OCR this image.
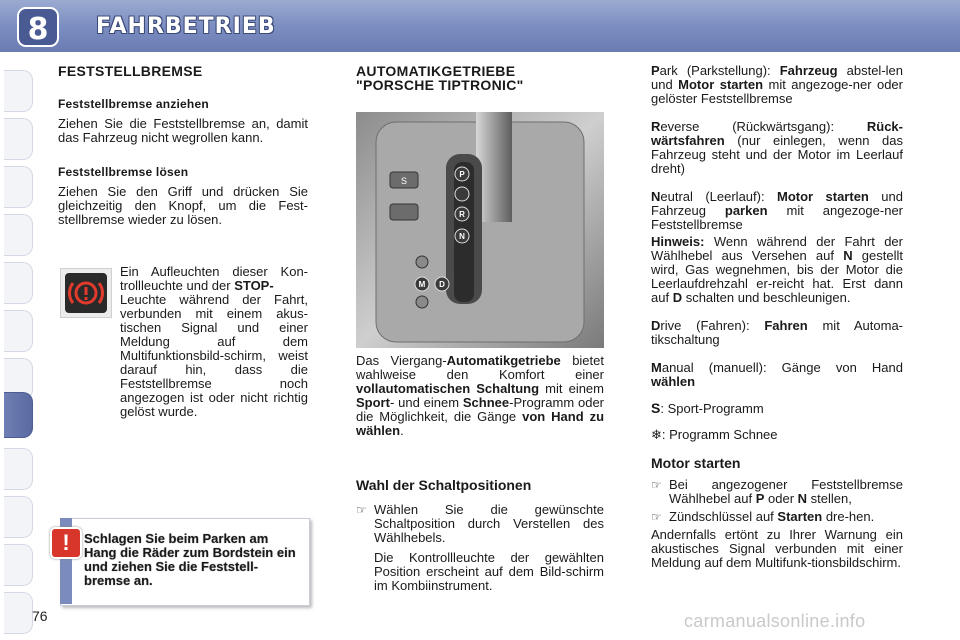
8 FAHRBETRIEB
FESTSTELLBREMSE
Feststellbremse anziehen

Ziehen Sie die Feststellbremse an, damit das Fahrzeug nicht wegrollen kann.

Feststellbremse lösen

Ziehen Sie den Griff und drücken Sie gleichzeitig den Knopf, um die Fest-stellbremse wieder zu lösen.

Ein Aufleuchten dieser Kon-trollleuchte und der STOP-

Leuchte während der Fahrt, verbunden mit einem akus-tischen Signal und einer Meldung auf dem Multifunktionsbild-schirm, weist darauf hin, dass die Feststellbremse noch angezogen ist oder nicht richtig gelöst wurde.

!	Schlagen Sie beim Parken am Hang die Räder zum Bordstein ein und ziehen Sie die Feststell-bremse an.
AUTOMATIKGETRIEBE
"PORSCHE TIPTRONIC"
S
P
R
N
M D

Das Viergang-Automatikgetriebe bietet wahlweise den Komfort einer vollautomatischen Schaltung mit einem Sport- und einem Schnee-Programm oder die Möglichkeit, die Gänge von Hand zu wählen.

Wahl der Schaltpositionen
☞ Wählen Sie die gewünschte Schaltposition durch Verstellen des Wählhebels.

Die Kontrollleuchte der gewählten Position erscheint auf dem Bild-schirm im Kombiinstrument.

Park (Parkstellung): Fahrzeug abstel-len und Motor starten mit angezoge-ner oder gelöster Feststellbremse

Reverse (Rückwärtsgang): Rück-wärtsfahren (nur einlegen, wenn das Fahrzeug steht und der Motor im Leerlauf dreht)

Neutral (Leerlauf): Motor starten und Fahrzeug parken mit angezoge-ner Feststellbremse

Hinweis: Wenn während der Fahrt der Wählhebel aus Versehen auf N gestellt wird, Gas wegnehmen, bis der Motor die Leerlaufdrehzahl er-reicht hat. Erst dann auf D schalten und beschleunigen.

Drive (Fahren): Fahren mit Automa-tikschaltung

Manual (manuell): Gänge von Hand wählen

S: Sport-Programm

❄: Programm Schnee

Motor starten
☞ Bei angezogener Feststellbremse Wählhebel auf P oder N stellen,

☞ Zündschlüssel auf Starten dre-hen.

Andernfalls ertönt zu Ihrer Warnung ein akustisches Signal verbunden mit einer Meldung auf dem Multifunk-tionsbildschirm.

76	carmanualsonline.info
